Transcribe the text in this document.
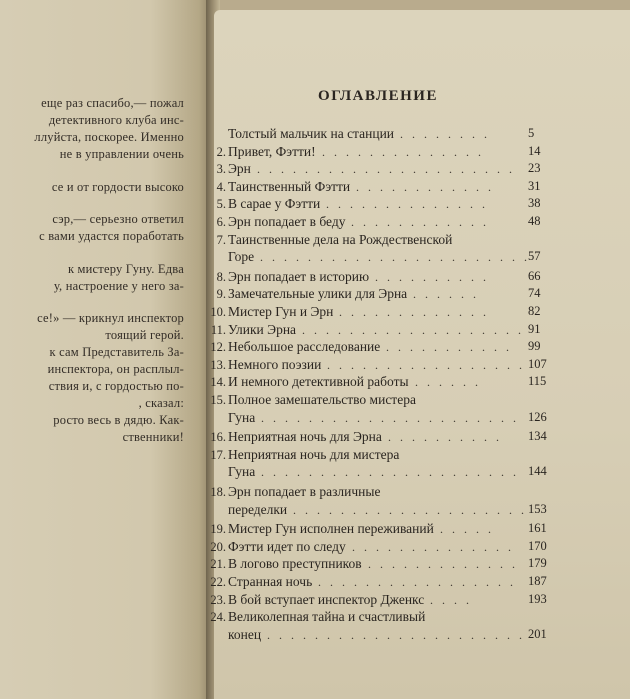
еще раз спасибо,— пожал
детективного клуба инс-
ллуйста, поскорее. Именно
не в управлении очень
се и от гордости высоко
сэр,— серьезно ответил
с вами удастся поработать
к мистеру Гуну. Едва
у, настроение у него за-
се!» — крикнул инспектор
тоящий герой.
к сам Представитель За-
инспектора, он расплыл-
ствия и, с гордостью по-
, сказал:
росто весь в дядю. Как-
ственники!
ОГЛАВЛЕНИЕ
Толстый мальчик на станции	5
. . . . . . . .
2. Привет, Фэтти!	14
. . . . . . . . . . . . . .
3. Эрн	23
. . . . . . . . . . . . . . . . . . . . . .
4. Таинственный Фэтти	31
. . . . . . . . . . . .
5. В сарае у Фэтти	38
. . . . . . . . . . . . . .
6. Эрн попадает в беду	48
. . . . . . . . . . . .
7. Таинственные дела на Рождественской
Горе	57
. . . . . . . . . . . . . . . . . . . . . . .
8. Эрн попадает в историю	66
. . . . . . . . . .
9. Замечательные улики для Эрна	74
. . . . . .
10. Мистер Гун и Эрн	82
. . . . . . . . . . . . .
11. Улики Эрна	91
. . . . . . . . . . . . . . . . . . .
12. Небольшое расследование	99
. . . . . . . . . . .
13. Немного поэзии	107
. . . . . . . . . . . . . . . . .
14. И немного детективной работы	115
. . . . . .
15. Полное замешательство мистера
Гуна	126
. . . . . . . . . . . . . . . . . . . . . .
16. Неприятная ночь для Эрна	134
. . . . . . . . . .
17. Неприятная ночь для мистера
Гуна	144
. . . . . . . . . . . . . . . . . . . . . .
18. Эрн попадает в различные
переделки	153
. . . . . . . . . . . . . . . . . . . .
19. Мистер Гун исполнен переживаний	161
. . . . .
20. Фэтти идет по следу	170
. . . . . . . . . . . . . .
21. В логово преступников	179
. . . . . . . . . . . . .
22. Странная ночь	187
. . . . . . . . . . . . . . . . .
23. В бой вступает инспектор Дженкс	193
. . . .
24. Великолепная тайна и счастливый
конец	201
. . . . . . . . . . . . . . . . . . . . . .
